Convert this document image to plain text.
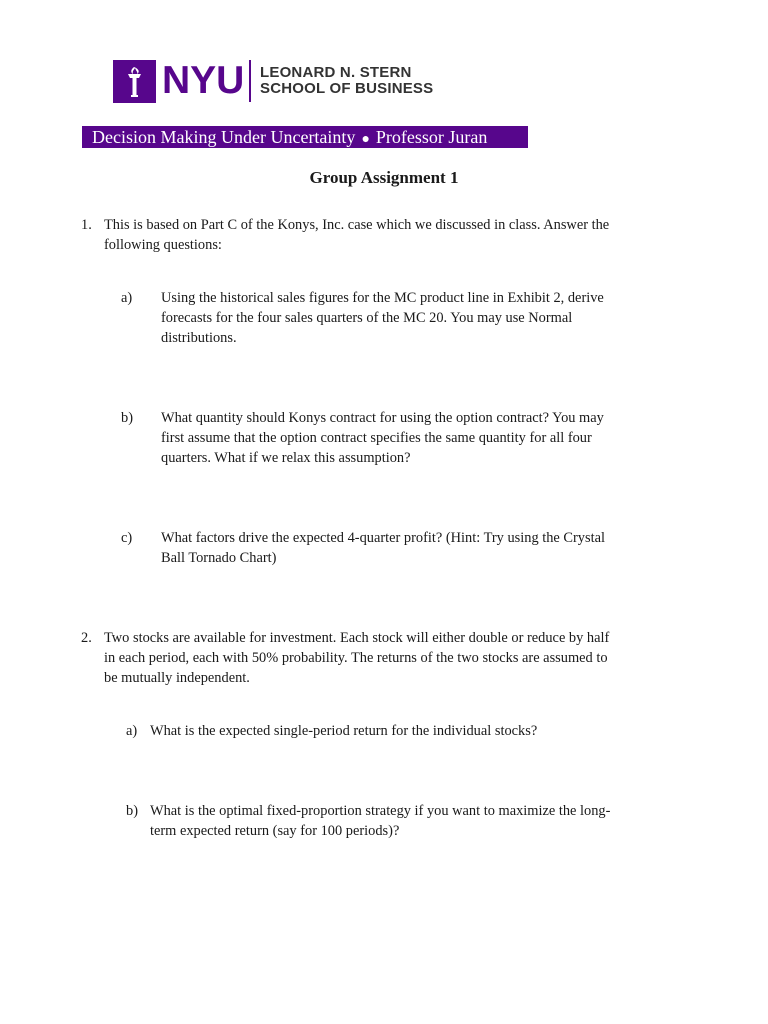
NYU LEONARD N. STERN
SCHOOL OF BUSINESS
Decision Making Under Uncertainty ● Professor Juran
Group Assignment 1
1. This is based on Part C of the Konys, Inc. case which we discussed in class. Answer the
following questions:
a) Using the historical sales figures for the MC product line in Exhibit 2, derive
forecasts for the four sales quarters of the MC 20. You may use Normal
distributions.
b) What quantity should Konys contract for using the option contract? You may
first assume that the option contract specifies the same quantity for all four
quarters. What if we relax this assumption?
c) What factors drive the expected 4-quarter profit? (Hint: Try using the Crystal
Ball Tornado Chart)
2. Two stocks are available for investment. Each stock will either double or reduce by half
in each period, each with 50% probability. The returns of the two stocks are assumed to
be mutually independent.
a) What is the expected single-period return for the individual stocks?
b) What is the optimal fixed-proportion strategy if you want to maximize the long-
term expected return (say for 100 periods)?
